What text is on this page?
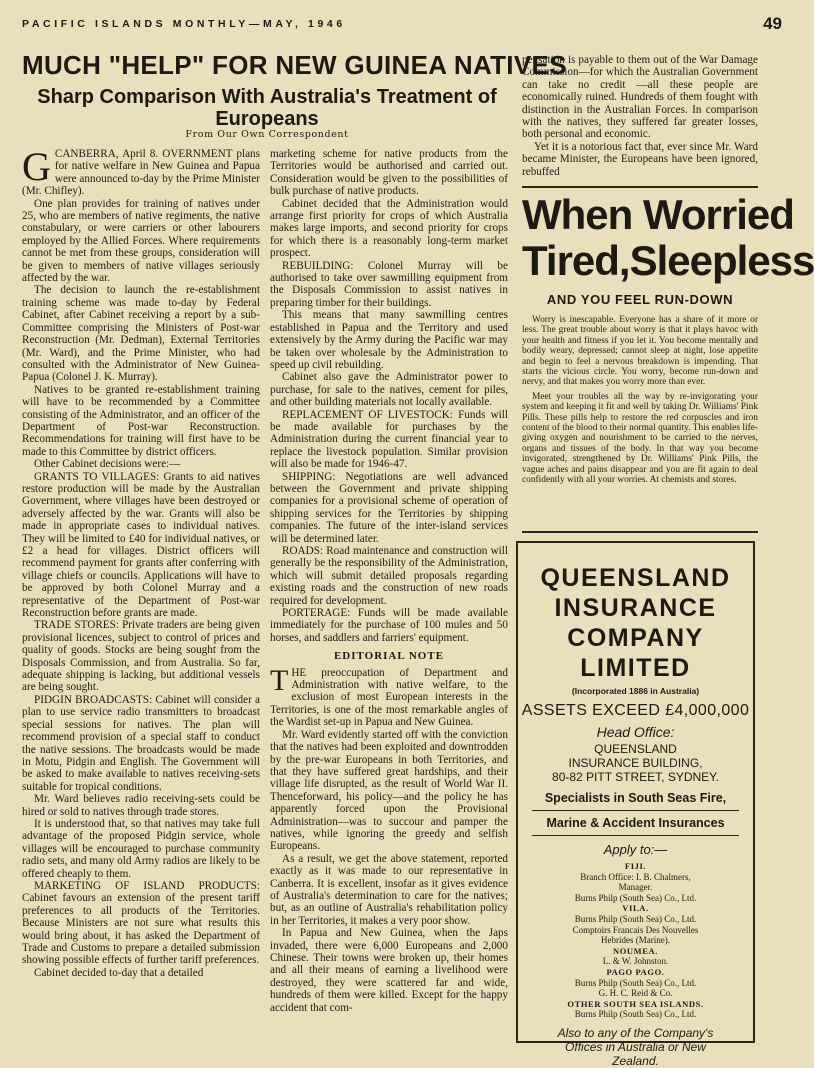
PACIFIC ISLANDS MONTHLY—MAY, 1946	49
MUCH "HELP" FOR NEW GUINEA NATIVES
Sharp Comparison With Australia's Treatment of Europeans
From Our Own Correspondent

GCANBERRA, April 8. OVERNMENT plans for native welfare in New Guinea and Papua were announced to-day by the Prime Minister (Mr. Chifley).

One plan provides for training of natives under 25, who are members of native regiments, the native constabulary, or were carriers or other labourers employed by the Allied Forces. Where requirements cannot be met from these groups, consideration will be given to members of native villages seriously affected by the war.

The decision to launch the re-establishment training scheme was made to-day by Federal Cabinet, after Cabinet receiving a report by a sub-Committee comprising the Ministers of Post-war Reconstruction (Mr. Dedman), External Territories (Mr. Ward), and the Prime Minister, who had consulted with the Administrator of New Guinea-Papua (Colonel J. K. Murray).

Natives to be granted re-establishment training will have to be recommended by a Committee consisting of the Administrator, and an officer of the Department of Post-war Reconstruction. Recommendations for training will first have to be made to this Committee by district officers.

Other Cabinet decisions were:—

GRANTS TO VILLAGES: Grants to aid natives restore production will be made by the Australian Government, where villages have been destroyed or adversely affected by the war. Grants will also be made in appropriate cases to individual natives. They will be limited to £40 for individual natives, or £2 a head for villages. District officers will recommend payment for grants after conferring with village chiefs or councils. Applications will have to be approved by both Colonel Murray and a representative of the Department of Post-war Reconstruction before grants are made.

TRADE STORES: Private traders are being given provisional licences, subject to control of prices and quality of goods. Stocks are being sought from the Disposals Commission, and from Australia. So far, adequate shipping is lacking, but additional vessels are being sought.

PIDGIN BROADCASTS: Cabinet will consider a plan to use service radio transmitters to broadcast special sessions for natives. The plan will recommend provision of a special staff to conduct the native sessions. The broadcasts would be made in Motu, Pidgin and English. The Government will be asked to make available to natives receiving-sets suitable for tropical conditions.

Mr. Ward believes radio receiving-sets could be hired or sold to natives through trade stores.

It is understood that, so that natives may take full advantage of the proposed Pidgin service, whole villages will be encouraged to purchase community radio sets, and many old Army radios are likely to be offered cheaply to them.

MARKETING OF ISLAND PRODUCTS: Cabinet favours an extension of the present tariff preferences to all products of the Territories. Because Ministers are not sure what results this would bring about, it has asked the Department of Trade and Customs to prepare a detailed submission showing possible effects of further tariff preferences.

Cabinet decided to-day that a detailed

marketing scheme for native products from the Territories would be authorised and carried out. Consideration would be given to the possibilities of bulk purchase of native products.

Cabinet decided that the Administration would arrange first priority for crops of which Australia makes large imports, and second priority for crops for which there is a reasonably long-term market prospect.

REBUILDING: Colonel Murray will be authorised to take over sawmilling equipment from the Disposals Commission to assist natives in preparing timber for their buildings.

This means that many sawmilling centres established in Papua and the Territory and used extensively by the Army during the Pacific war may be taken over wholesale by the Administration to speed up civil rebuilding.

Cabinet also gave the Administrator power to purchase, for sale to the natives, cement for piles, and other building materials not locally available.

REPLACEMENT OF LIVESTOCK: Funds will be made available for purchases by the Administration during the current financial year to replace the livestock population. Similar provision will also be made for 1946-47.

SHIPPING: Negotiations are well advanced between the Government and private shipping companies for a provisional scheme of operation of shipping services for the Territories by shipping companies. The future of the inter-island services will be determined later.

ROADS: Road maintenance and construction will generally be the responsibility of the Administration, which will submit detailed proposals regarding existing roads and the construction of new roads required for development.

PORTERAGE: Funds will be made available immediately for the purchase of 100 mules and 50 horses, and saddlers and farriers' equipment.

EDITORIAL NOTE

THE preoccupation of Department and Administration with native welfare, to the exclusion of most European interests in the Territories, is one of the most remarkable angles of the Wardist set-up in Papua and New Guinea.

Mr. Ward evidently started off with the conviction that the natives had been exploited and downtrodden by the pre-war Europeans in both Territories, and that they have suffered great hardships, and their village life disrupted, as the result of World War II. Thenceforward, his policy—and the policy he has apparently forced upon the Provisional Administration—was to succour and pamper the natives, while ignoring the greedy and selfish Europeans.

As a result, we get the above statement, reported exactly as it was made to our representative in Canberra. It is excellent, insofar as it gives evidence of Australia's determination to care for the natives; but, as an outline of Australia's rehabilitation policy in her Territories, it makes a very poor show.

In Papua and New Guinea, when the Japs invaded, there were 6,000 Europeans and 2,000 Chinese. Their towns were broken up, their homes and all their means of earning a livelihood were destroyed, they were scattered far and wide, hundreds of them were killed. Except for the happy accident that com-

pensation is payable to them out of the War Damage Commission—for which the Australian Government can take no credit —all these people are economically ruined. Hundreds of them fought with distinction in the Australian Forces. In comparison with the natives, they suffered far greater losses, both personal and economic.

Yet it is a notorious fact that, ever since Mr. Ward became Minister, the Europeans have been ignored, rebuffed

When Worried
Tired,Sleepless
AND YOU FEEL RUN-DOWN

Worry is inescapable. Everyone has a share of it more or less. The great trouble about worry is that it plays havoc with your health and fitness if you let it. You become mentally and bodily weary, depressed; cannot sleep at night, lose appetite and begin to feel a nervous breakdown is impending. That starts the vicious circle. You worry, become run-down and nervy, and that makes you worry more than ever.

Meet your troubles all the way by re-invigorating your system and keeping it fit and well by taking Dr. Williams' Pink Pills. These pills help to restore the red corpuscles and iron content of the blood to their normal quantity. This enables life-giving oxygen and nourishment to be carried to the nerves, organs and tissues of the body. In that way you become invigorated, strengthened by Dr. Williams' Pink Pills, the vague aches and pains disappear and you are fit again to deal confidently with all your worries. At chemists and stores.

QUEENSLAND
INSURANCE
COMPANY
LIMITED
(Incorporated 1886 in Australia)
ASSETS EXCEED £4,000,000
Head Office:
QUEENSLAND
INSURANCE BUILDING,
80-82 PITT STREET, SYDNEY.
Specialists in South Seas Fire,
Marine & Accident Insurances
Apply to:—
FIJI.
Branch Office: I. B. Chalmers,
Manager.
Burns Philp (South Sea) Co., Ltd.
VILA.
Burns Philp (South Sea) Co., Ltd.
Comptoirs Francais Des Nouvelles
Hebrides (Marine).
NOUMEA.
L. & W. Johnston.
PAGO PAGO.
Burns Philp (South Sea) Co., Ltd.
G. H. C. Reid & Co.
OTHER SOUTH SEA ISLANDS.
Burns Philp (South Sea) Co., Ltd.
Also to any of the Company's
Offices in Australia or New
Zealand.
